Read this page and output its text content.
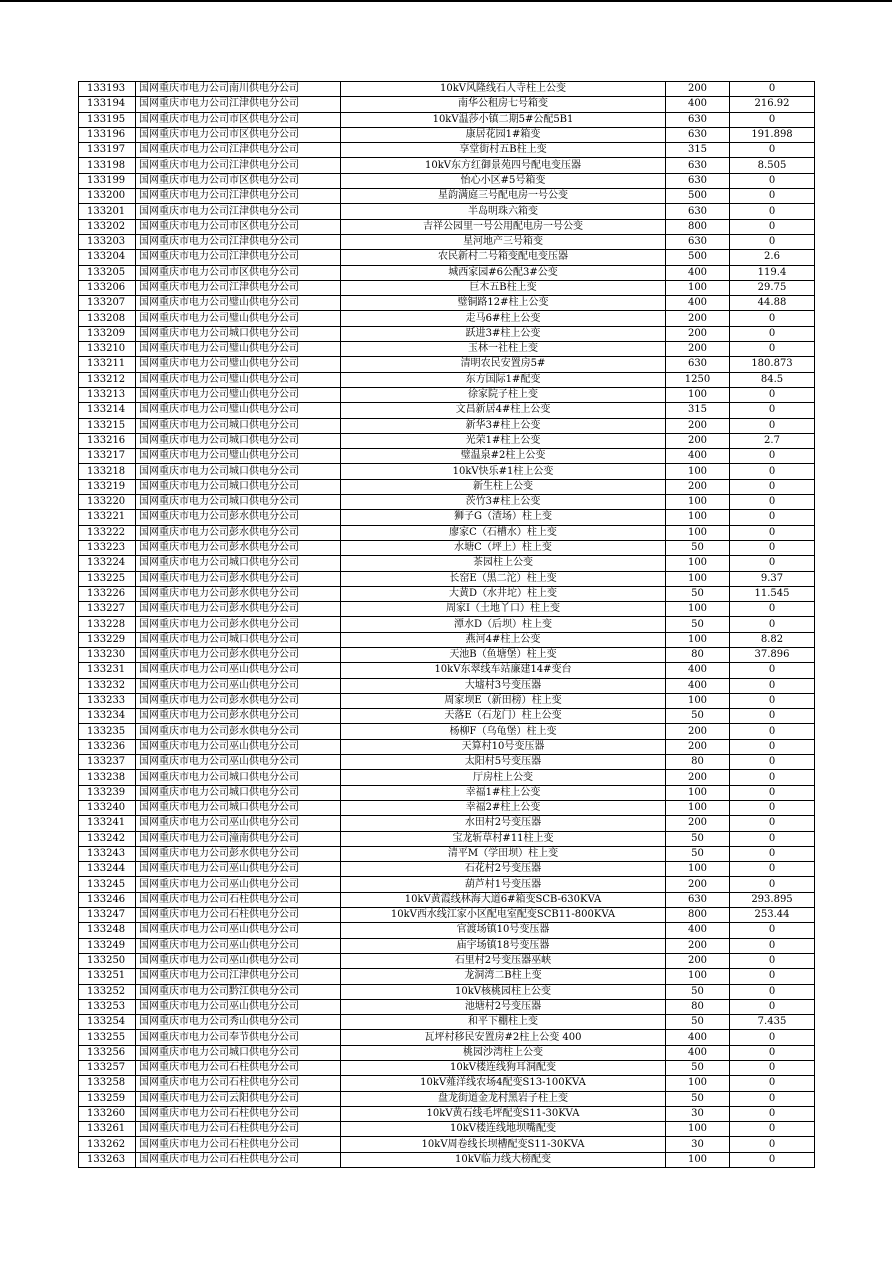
133193	国网重庆市电力公司南川供电分公司	10kV风隆线石人寺柱上公变	200	0
133194	国网重庆市电力公司江津供电分公司	南华公租房七号箱变	400	216.92
133195	国网重庆市电力公司市区供电分公司	10kV温莎小镇二期5#公配5B1	630	0
133196	国网重庆市电力公司市区供电分公司	康居花园1#箱变	630	191.898
133197	国网重庆市电力公司江津供电分公司	享堂街村五B柱上变	315	0
133198	国网重庆市电力公司江津供电分公司	10kV东方红御景苑四号配电变压器	630	8.505
133199	国网重庆市电力公司市区供电分公司	怡心小区#5号箱变	630	0
133200	国网重庆市电力公司江津供电分公司	星韵满庭三号配电房一号公变	500	0
133201	国网重庆市电力公司江津供电分公司	半岛明珠六箱变	630	0
133202	国网重庆市电力公司市区供电分公司	吉祥公园里一号公用配电房一号公变	800	0
133203	国网重庆市电力公司江津供电分公司	星河地产三号箱变	630	0
133204	国网重庆市电力公司江津供电分公司	农民新村二号箱变配电变压器	500	2.6
133205	国网重庆市电力公司市区供电分公司	城西家园#6公配3#公变	400	119.4
133206	国网重庆市电力公司江津供电分公司	巨木五B柱上变	100	29.75
133207	国网重庆市电力公司璧山供电分公司	璧铜路12#柱上公变	400	44.88
133208	国网重庆市电力公司璧山供电分公司	走马6#柱上公变	200	0
133209	国网重庆市电力公司城口供电分公司	跃进3#柱上公变	200	0
133210	国网重庆市电力公司璧山供电分公司	玉林一社柱上变	200	0
133211	国网重庆市电力公司璧山供电分公司	清明农民安置房5#	630	180.873
133212	国网重庆市电力公司璧山供电分公司	东方国际1#配变	1250	84.5
133213	国网重庆市电力公司璧山供电分公司	徐家院子柱上变	100	0
133214	国网重庆市电力公司璧山供电分公司	文昌新居4#柱上公变	315	0
133215	国网重庆市电力公司城口供电分公司	新华3#柱上公变	200	0
133216	国网重庆市电力公司城口供电分公司	光荣1#柱上公变	200	2.7
133217	国网重庆市电力公司璧山供电分公司	璧温泉#2柱上公变	400	0
133218	国网重庆市电力公司城口供电分公司	10kV快乐#1柱上公变	100	0
133219	国网重庆市电力公司城口供电分公司	新生柱上公变	200	0
133220	国网重庆市电力公司城口供电分公司	茨竹3#柱上公变	100	0
133221	国网重庆市电力公司彭水供电分公司	狮子G（渣场）柱上变	100	0
133222	国网重庆市电力公司彭水供电分公司	廖家C（石槽水）柱上变	100	0
133223	国网重庆市电力公司彭水供电分公司	水塘C（坪上）柱上变	50	0
133224	国网重庆市电力公司城口供电分公司	茶园柱上公变	100	0
133225	国网重庆市电力公司彭水供电分公司	长窑E（黑二沱）柱上变	100	9.37
133226	国网重庆市电力公司彭水供电分公司	大黄D（水井坨）柱上变	50	11.545
133227	国网重庆市电力公司彭水供电分公司	周家I（土地丫口）柱上变	100	0
133228	国网重庆市电力公司彭水供电分公司	潭水D（后坝）柱上变	50	0
133229	国网重庆市电力公司城口供电分公司	燕河4#柱上公变	100	8.82
133230	国网重庆市电力公司彭水供电分公司	天池B（鱼塘堡）柱上变	80	37.896
133231	国网重庆市电力公司巫山供电分公司	10kV东翠线车站廉建14#变台	400	0
133232	国网重庆市电力公司巫山供电分公司	大墟村3号变压器	400	0
133233	国网重庆市电力公司彭水供电分公司	周家坝E（新田榜）柱上变	100	0
133234	国网重庆市电力公司彭水供电分公司	天落E（石龙门）柱上公变	50	0
133235	国网重庆市电力公司彭水供电分公司	杨柳F（乌龟堡）柱上变	200	0
133236	国网重庆市电力公司巫山供电分公司	天算村10号变压器	200	0
133237	国网重庆市电力公司巫山供电分公司	太阳村5号变压器	80	0
133238	国网重庆市电力公司城口供电分公司	厅房柱上公变	200	0
133239	国网重庆市电力公司城口供电分公司	幸福1#柱上公变	100	0
133240	国网重庆市电力公司城口供电分公司	幸福2#柱上公变	100	0
133241	国网重庆市电力公司巫山供电分公司	水田村2号变压器	200	0
133242	国网重庆市电力公司潼南供电分公司	宝龙斩草村#11柱上变	50	0
133243	国网重庆市电力公司彭水供电分公司	清平M（学田坝）柱上变	50	0
133244	国网重庆市电力公司巫山供电分公司	石花村2号变压器	100	0
133245	国网重庆市电力公司巫山供电分公司	葫芦村1号变压器	200	0
133246	国网重庆市电力公司石柱供电分公司	10kV黄霞线林海大道6#箱变SCB-630KVA	630	293.895
133247	国网重庆市电力公司石柱供电分公司	10kV西水线江家小区配电室配变SCB11-800KVA	800	253.44
133248	国网重庆市电力公司巫山供电分公司	官渡场镇10号变压器	400	0
133249	国网重庆市电力公司巫山供电分公司	庙宇场镇18号变压器	200	0
133250	国网重庆市电力公司巫山供电分公司	石里村2号变压器巫峡	200	0
133251	国网重庆市电力公司江津供电分公司	龙洞湾二B柱上变	100	0
133252	国网重庆市电力公司黔江供电分公司	10kV核桃园柱上公变	50	0
133253	国网重庆市电力公司巫山供电分公司	池塘村2号变压器	80	0
133254	国网重庆市电力公司秀山供电分公司	和平下棚柱上变	50	7.435
133255	国网重庆市电力公司奉节供电分公司	瓦坪村移民安置房#2柱上公变 400	400	0
133256	国网重庆市电力公司城口供电分公司	桃园沙湾柱上公变	400	0
133257	国网重庆市电力公司石柱供电分公司	10kV楼连线狗耳洞配变	50	0
133258	国网重庆市电力公司石柱供电分公司	10kV薤洋线农场4配变S13-100KVA	100	0
133259	国网重庆市电力公司云阳供电分公司	盘龙街道金龙村黑岩子柱上变	50	0
133260	国网重庆市电力公司石柱供电分公司	10kV黄石线毛坪配变S11-30KVA	30	0
133261	国网重庆市电力公司石柱供电分公司	10kV楼连线地坝嘴配变	100	0
133262	国网重庆市电力公司石柱供电分公司	10kV周卷线长坝槽配变S11-30KVA	30	0
133263	国网重庆市电力公司石柱供电分公司	10kV临力线大榜配变	100	0
